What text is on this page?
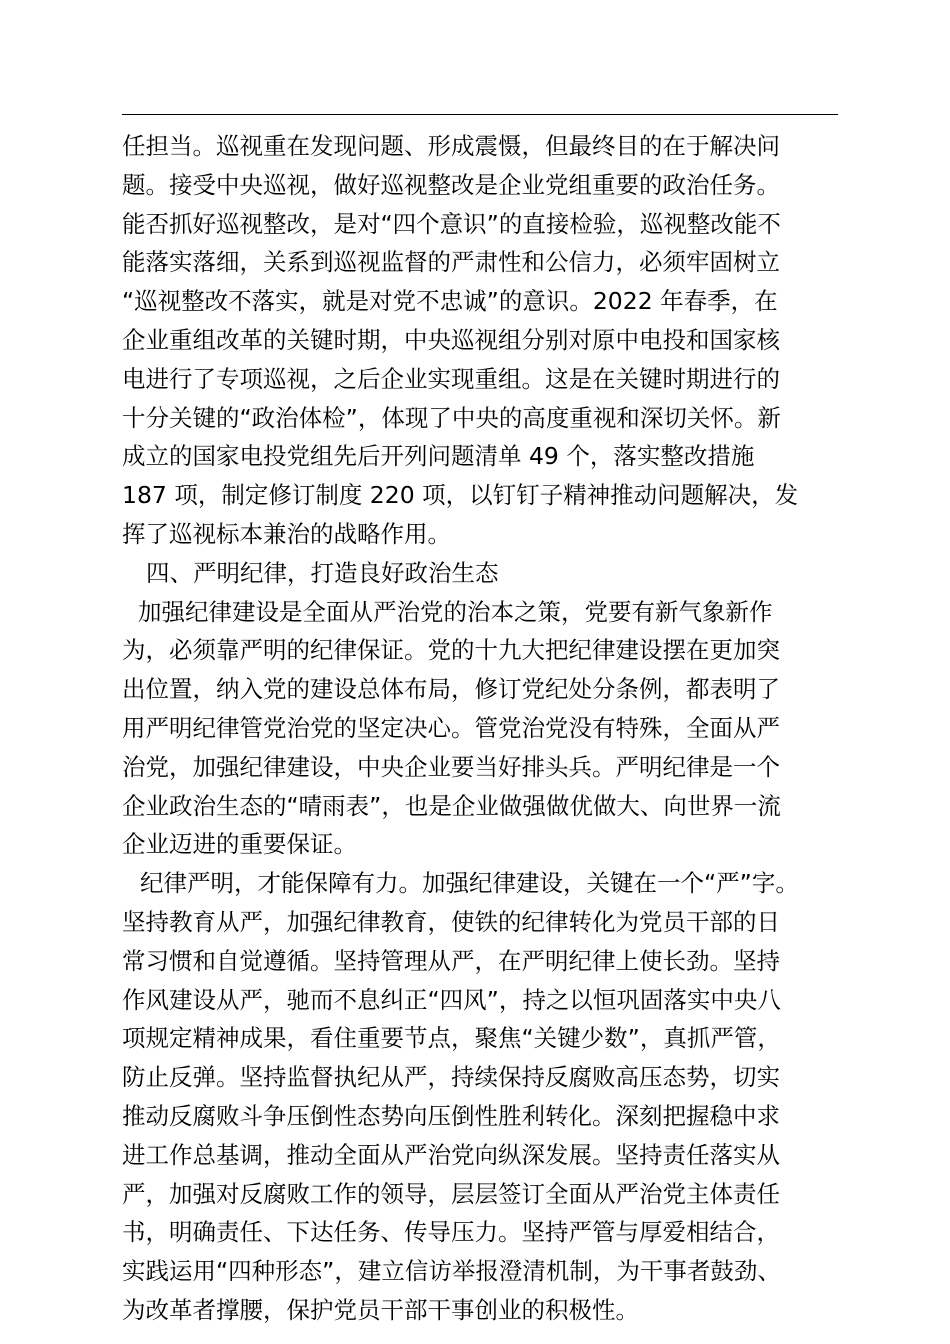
任担当。巡视重在发现问题、形成震慑，但最终目的在于解决问
题。接受中央巡视，做好巡视整改是企业党组重要的政治任务。
能否抓好巡视整改，是对“四个意识”的直接检验，巡视整改能不
能落实落细，关系到巡视监督的严肃性和公信力，必须牢固树立
“巡视整改不落实，就是对党不忠诚”的意识。2022 年春季，在
企业重组改革的关键时期，中央巡视组分别对原中电投和国家核
电进行了专项巡视，之后企业实现重组。这是在关键时期进行的
十分关键的“政治体检”，体现了中央的高度重视和深切关怀。新
成立的国家电投党组先后开列问题清单 49 个，落实整改措施
187 项，制定修订制度 220 项，以钉钉子精神推动问题解决，发
挥了巡视标本兼治的战略作用。
四、严明纪律，打造良好政治生态
加强纪律建设是全面从严治党的治本之策，党要有新气象新作
为，必须靠严明的纪律保证。党的十九大把纪律建设摆在更加突
出位置，纳入党的建设总体布局，修订党纪处分条例，都表明了
用严明纪律管党治党的坚定决心。管党治党没有特殊，全面从严
治党，加强纪律建设，中央企业要当好排头兵。严明纪律是一个
企业政治生态的“晴雨表”，也是企业做强做优做大、向世界一流
企业迈进的重要保证。
纪律严明，才能保障有力。加强纪律建设，关键在一个“严”字。
坚持教育从严，加强纪律教育，使铁的纪律转化为党员干部的日
常习惯和自觉遵循。坚持管理从严，在严明纪律上使长劲。坚持
作风建设从严，驰而不息纠正“四风”，持之以恒巩固落实中央八
项规定精神成果，看住重要节点，聚焦“关键少数”，真抓严管，
防止反弹。坚持监督执纪从严，持续保持反腐败高压态势，切实
推动反腐败斗争压倒性态势向压倒性胜利转化。深刻把握稳中求
进工作总基调，推动全面从严治党向纵深发展。坚持责任落实从
严，加强对反腐败工作的领导，层层签订全面从严治党主体责任
书，明确责任、下达任务、传导压力。坚持严管与厚爱相结合，
实践运用“四种形态”，建立信访举报澄清机制，为干事者鼓劲、
为改革者撑腰，保护党员干部干事创业的积极性。
